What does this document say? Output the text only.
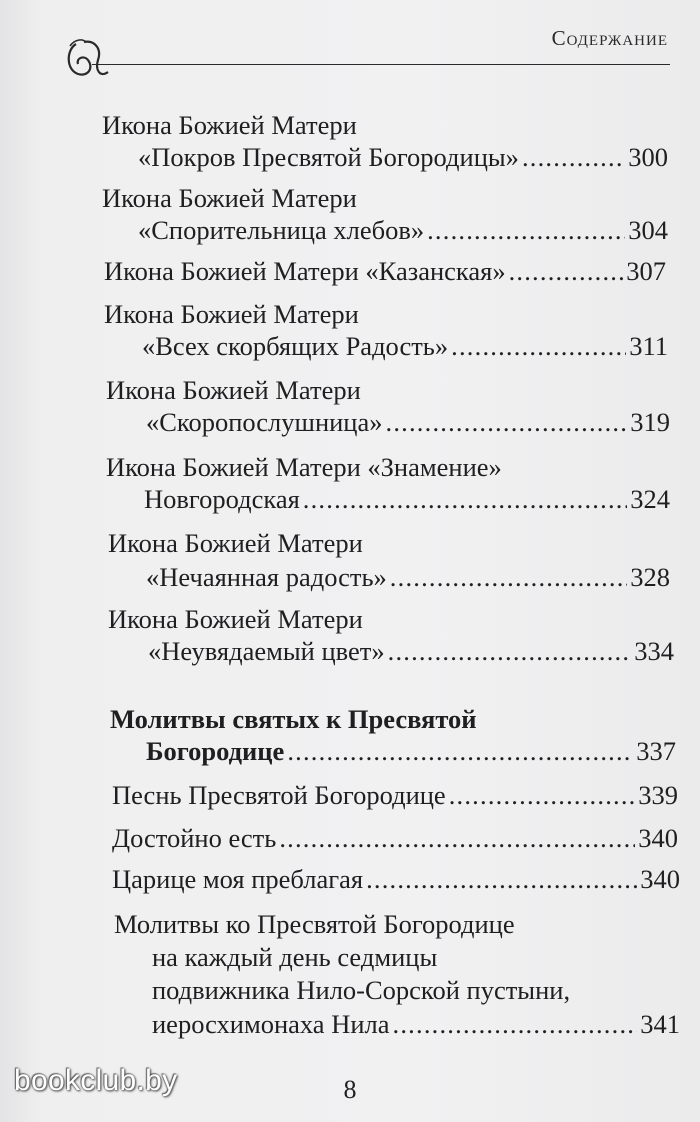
Содержание
Икона Божией Матери
«Покров Пресвятой Богородицы» .....	300
Икона Божией Матери
«Спорительница хлебов» .....	304
Икона Божией Матери «Казанская» .....	307
Икона Божией Матери
«Всех скорбящих Радость» .....	311
Икона Божией Матери
«Скоропослушница» .....	319
Икона Божией Матери «Знамение»
Новгородская .....	324
Икона Божией Матери
«Нечаянная радость» .....	328
Икона Божией Матери
«Неувядаемый цвет» .....	334
Молитвы святых к Пресвятой
Богородице .....	337
Песнь Пресвятой Богородице .....	339
Достойно есть .....	340
Царице моя преблагая .....	340
Молитвы ко Пресвятой Богородице
на каждый день седмицы
подвижника Нило-Сорской пустыни,
иеросхимонаха Нила .....	341
8
bookclub.by
